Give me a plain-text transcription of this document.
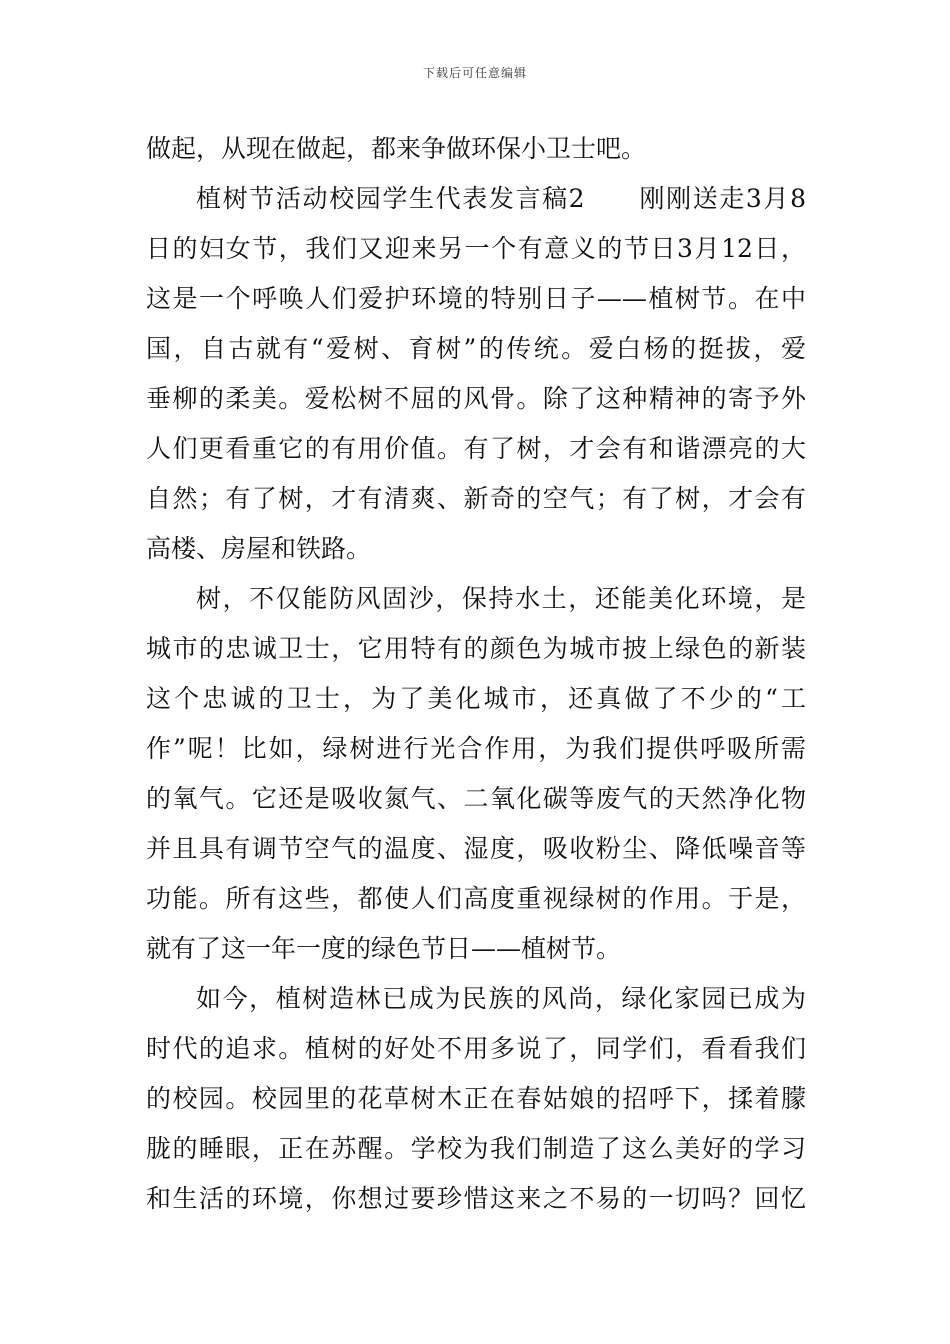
下载后可任意编辑
做起，从现在做起，都来争做环保小卫士吧。
植树节活动校园学生代表发言稿2　　刚刚送走3月8
日的妇女节，我们又迎来另一个有意义的节日3月12日，
这是一个呼唤人们爱护环境的特别日子——植树节。在中
国，自古就有“爱树、育树”的传统。爱白杨的挺拔，爱
垂柳的柔美。爱松树不屈的风骨。除了这种精神的寄予外
人们更看重它的有用价值。有了树，才会有和谐漂亮的大
自然；有了树，才有清爽、新奇的空气；有了树，才会有
高楼、房屋和铁路。
树，不仅能防风固沙，保持水土，还能美化环境，是
城市的忠诚卫士，它用特有的颜色为城市披上绿色的新装
这个忠诚的卫士，为了美化城市，还真做了不少的“工
作”呢！比如，绿树进行光合作用，为我们提供呼吸所需
的氧气。它还是吸收氮气、二氧化碳等废气的天然净化物
并且具有调节空气的温度、湿度，吸收粉尘、降低噪音等
功能。所有这些，都使人们高度重视绿树的作用。于是，
就有了这一年一度的绿色节日——植树节。
如今，植树造林已成为民族的风尚，绿化家园已成为
时代的追求。植树的好处不用多说了，同学们，看看我们
的校园。校园里的花草树木正在春姑娘的招呼下，揉着朦
胧的睡眼，正在苏醒。学校为我们制造了这么美好的学习
和生活的环境，你想过要珍惜这来之不易的一切吗？回忆
